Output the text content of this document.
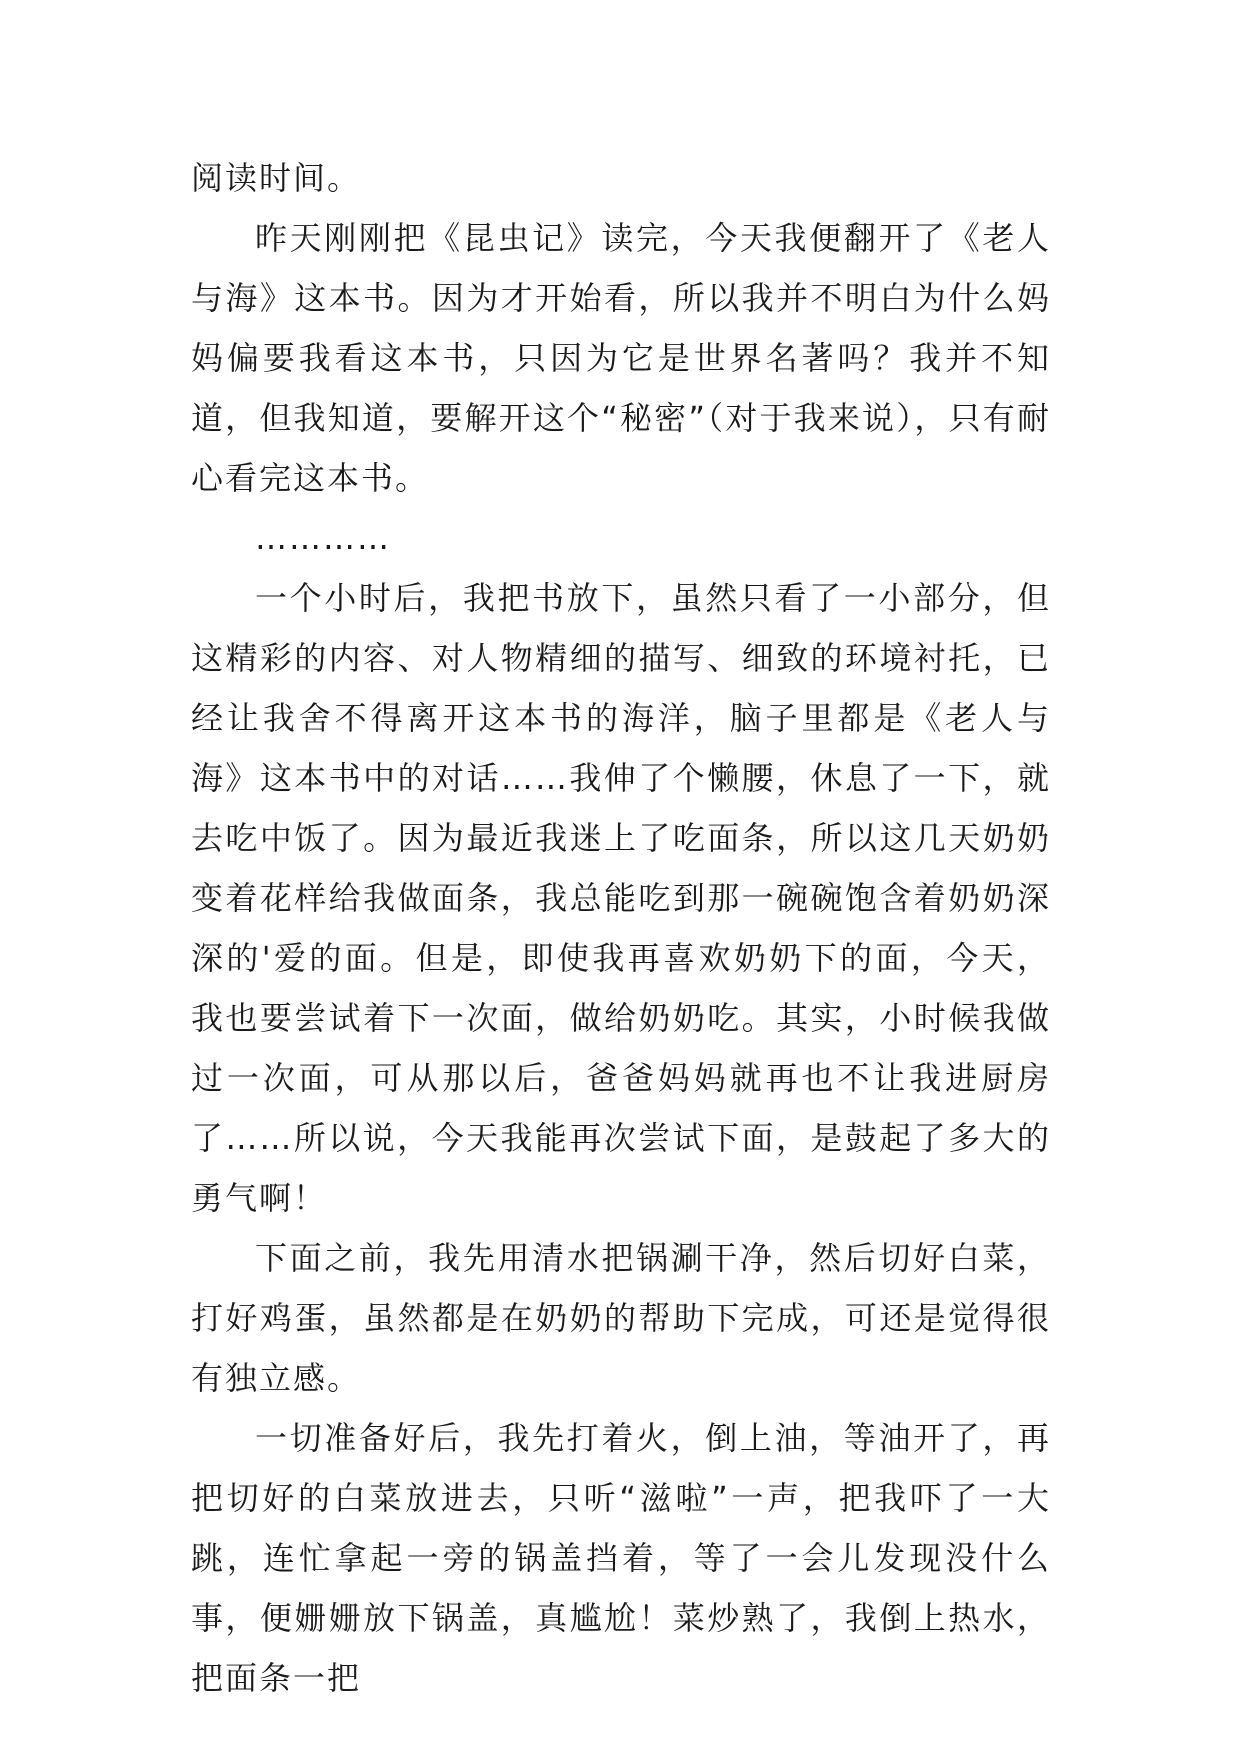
阅读时间。

昨天刚刚把《昆虫记》读完，今天我便翻开了《老人与海》这本书。因为才开始看，所以我并不明白为什么妈妈偏要我看这本书，只因为它是世界名著吗？我并不知道，但我知道，要解开这个“秘密”（对于我来说），只有耐心看完这本书。

…………

一个小时后，我把书放下，虽然只看了一小部分，但这精彩的内容、对人物精细的描写、细致的环境衬托，已经让我舍不得离开这本书的海洋，脑子里都是《老人与海》这本书中的对话……我伸了个懒腰，休息了一下，就去吃中饭了。因为最近我迷上了吃面条，所以这几天奶奶变着花样给我做面条，我总能吃到那一碗碗饱含着奶奶深深的'爱的面。但是，即使我再喜欢奶奶下的面，今天，我也要尝试着下一次面，做给奶奶吃。其实，小时候我做过一次面，可从那以后，爸爸妈妈就再也不让我进厨房了……所以说，今天我能再次尝试下面，是鼓起了多大的勇气啊！

下面之前，我先用清水把锅涮干净，然后切好白菜，打好鸡蛋，虽然都是在奶奶的帮助下完成，可还是觉得很有独立感。

一切准备好后，我先打着火，倒上油，等油开了，再把切好的白菜放进去，只听“滋啦”一声，把我吓了一大跳，连忙拿起一旁的锅盖挡着，等了一会儿发现没什么事，便姗姗放下锅盖，真尴尬！菜炒熟了，我倒上热水，把面条一把
